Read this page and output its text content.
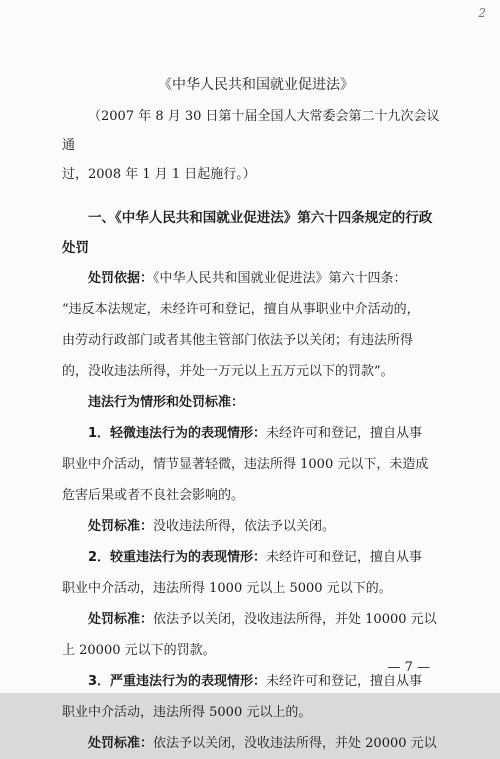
2

《中华人民共和国就业促进法》

（2007 年 8 月 30 日第十届全国人大常委会第二十九次会议通
过，2008 年 1 月 1 日起施行。）

一、《中华人民共和国就业促进法》第六十四条规定的行政
处罚

处罚依据：《中华人民共和国就业促进法》第六十四条：
“违反本法规定，未经许可和登记，擅自从事职业中介活动的，
由劳动行政部门或者其他主管部门依法予以关闭；有违法所得
的，没收违法所得，并处一万元以上五万元以下的罚款”。

违法行为情形和处罚标准：

1．轻微违法行为的表现情形：未经许可和登记，擅自从事
职业中介活动，情节显著轻微，违法所得 1000 元以下，未造成
危害后果或者不良社会影响的。

处罚标准：没收违法所得，依法予以关闭。

2．较重违法行为的表现情形：未经许可和登记，擅自从事
职业中介活动，违法所得 1000 元以上 5000 元以下的。

处罚标准：依法予以关闭，没收违法所得，并处 10000 元以
上 20000 元以下的罚款。

3．严重违法行为的表现情形：未经许可和登记，擅自从事
职业中介活动，违法所得 5000 元以上的。

处罚标准：依法予以关闭，没收违法所得，并处 20000 元以

— 7 —
